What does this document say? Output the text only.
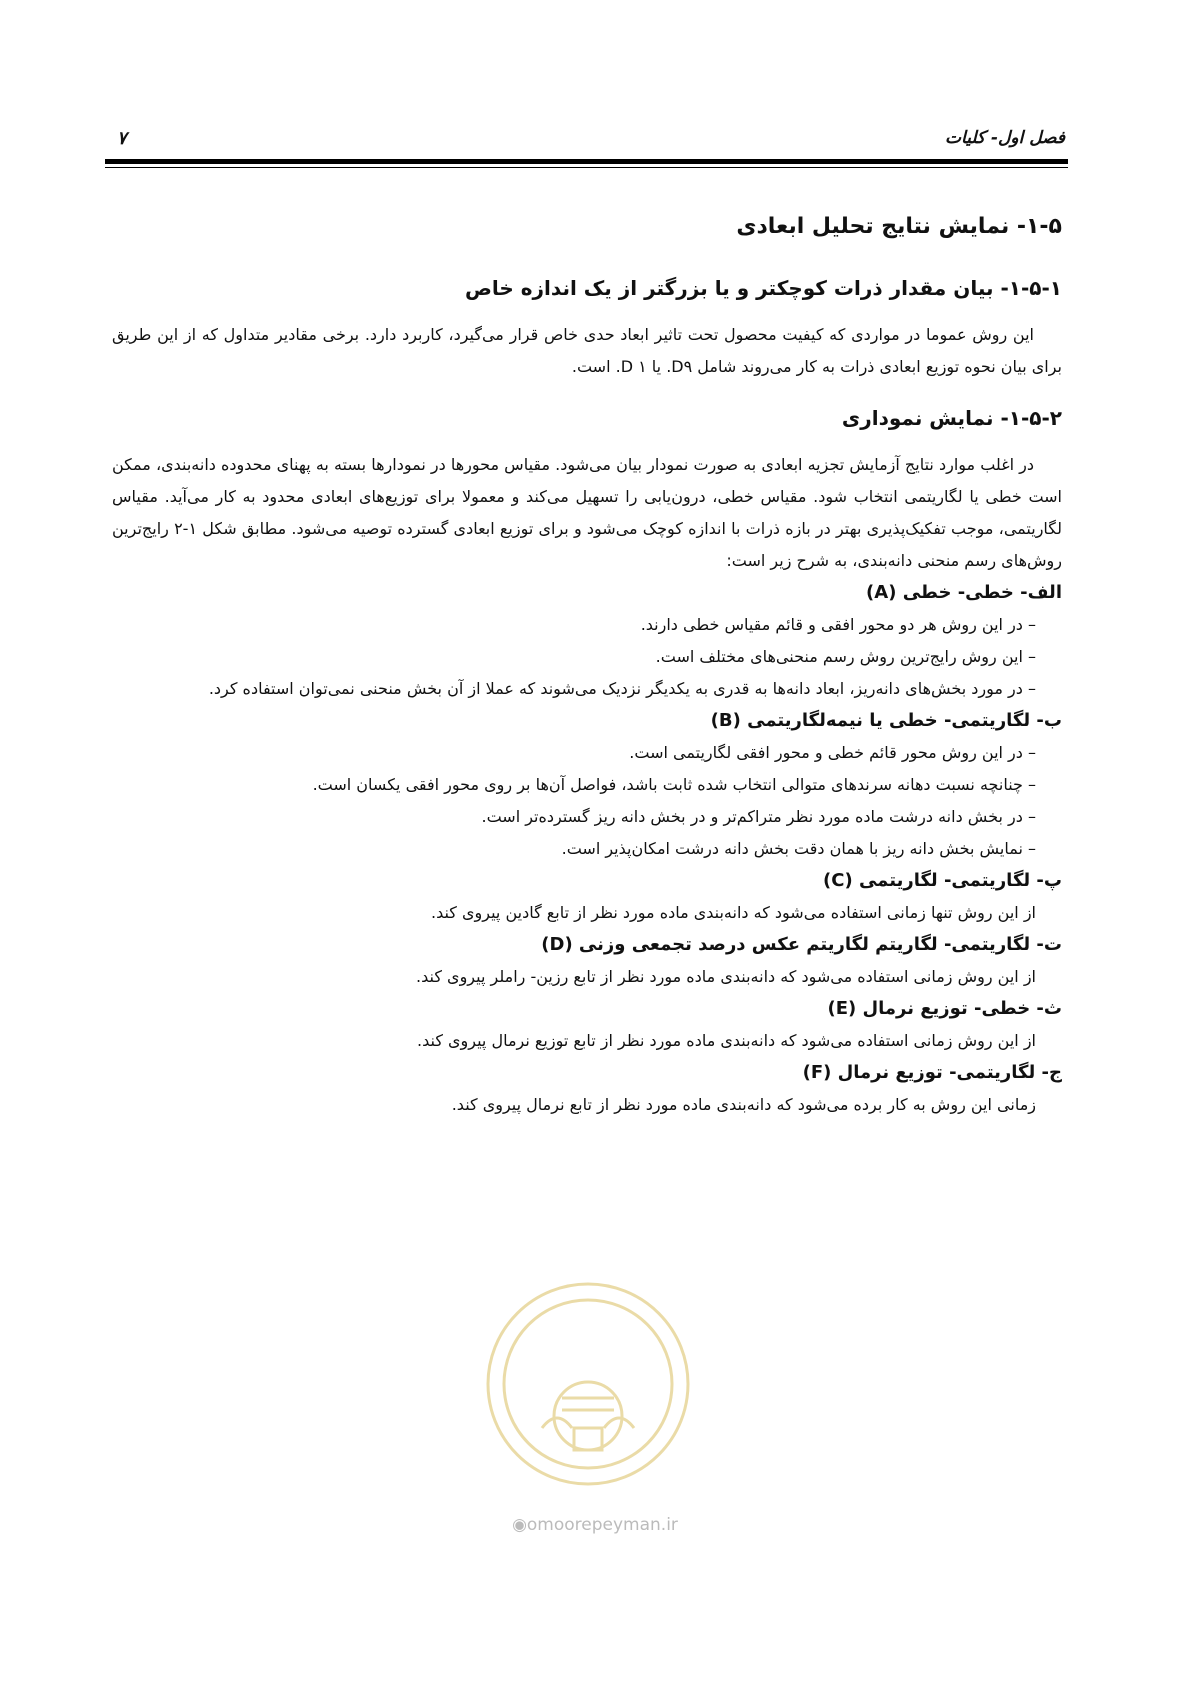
فصل اول- کلیات
۷
۱-۵- نمایش نتایج تحلیل ابعادی
۱-۵-۱- بیان مقدار ذرات کوچکتر و یا بزرگتر از یک اندازه خاص

این روش عموما در مواردی که کیفیت محصول تحت تاثیر ابعاد حدی خاص قرار می‌گیرد، کاربرد دارد. برخی مقادیر متداول که از این طریق برای بیان نحوه توزیع ابعادی ذرات به کار می‌روند شامل D۹. یا D ۱. است.

۱-۵-۲- نمایش نموداری

در اغلب موارد نتایج آزمایش تجزیه ابعادی به صورت نمودار بیان می‌شود. مقیاس محورها در نمودارها بسته به پهنای محدوده دانه‌بندی، ممکن است خطی یا لگاریتمی انتخاب شود. مقیاس خطی، درون‌یابی را تسهیل می‌کند و معمولا برای توزیع‌های ابعادی محدود به کار می‌آید. مقیاس لگاریتمی، موجب تفکیک‌پذیری بهتر در بازه ذرات با اندازه کوچک می‌شود و برای توزیع ابعادی گسترده توصیه می‌شود. مطابق شکل ۱-۲ رایج‌ترین روش‌های رسم منحنی دانه‌بندی، به شرح زیر است:

الف- خطی- خطی (A)
– در این روش هر دو محور افقی و قائم مقیاس خطی دارند.
– این روش رایج‌ترین روش رسم منحنی‌های مختلف است.
– در مورد بخش‌های دانه‌ریز، ابعاد دانه‌ها به قدری به یکدیگر نزدیک می‌شوند که عملا از آن بخش منحنی نمی‌توان استفاده کرد.
ب- لگاریتمی- خطی یا نیمه‌لگاریتمی (B)
– در این روش محور قائم خطی و محور افقی لگاریتمی است.
– چنانچه نسبت دهانه سرندهای متوالی انتخاب شده ثابت باشد، فواصل آن‌ها بر روی محور افقی یکسان است.
– در بخش دانه درشت ماده مورد نظر متراکم‌تر و در بخش دانه ریز گسترده‌تر است.
– نمایش بخش دانه ریز با همان دقت بخش دانه درشت امکان‌پذیر است.
پ- لگاریتمی- لگاریتمی (C)
از این روش تنها زمانی استفاده می‌شود که دانه‌بندی ماده مورد نظر از تابع گادین پیروی کند.
ت- لگاریتمی- لگاریتم لگاریتم عکس درصد تجمعی وزنی (D)
از این روش زمانی استفاده می‌شود که دانه‌بندی ماده مورد نظر از تابع رزین- راملر پیروی کند.
ث- خطی- توزیع نرمال (E)
از این روش زمانی استفاده می‌شود که دانه‌بندی ماده مورد نظر از تابع توزیع نرمال پیروی کند.
ج- لگاریتمی- توزیع نرمال (F)
زمانی این روش به کار برده می‌شود که دانه‌بندی ماده مورد نظر از تابع نرمال پیروی کند.
◉omoorepeyman.ir
